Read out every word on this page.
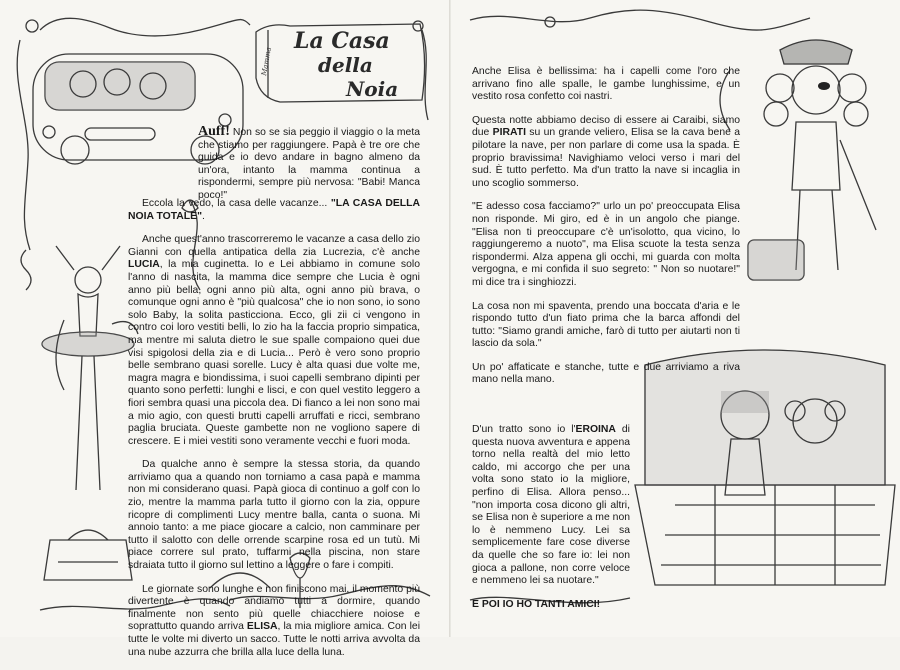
La Casa
della
Noia
Mamma

Auff! Non so se sia peggio il viaggio o la meta che stiamo per raggiungere. Papà è tre ore che guida e io devo andare in bagno almeno da un'ora, intanto la mamma continua a rispondermi, sempre più nervosa: "Babi! Manca poco!"

Eccola la vedo, la casa delle vacanze... "LA CASA DELLA NOIA TOTALE".

Anche quest'anno trascorreremo le vacanze a casa dello zio Gianni con quella antipatica della zia Lucrezia, c'è anche LUCIA, la mia cuginetta. Io e Lei abbiamo in comune solo l'anno di nascita, la mamma dice sempre che Lucia è ogni anno più bella, ogni anno più alta, ogni anno più brava, o comunque ogni anno è "più qualcosa" che io non sono, io sono solo Baby, la solita pasticciona. Ecco, gli zii ci vengono in contro coi loro vestiti belli, lo zio ha la faccia proprio simpatica, ma mentre mi saluta dietro le sue spalle compaiono quei due visi spigolosi della zia e di Lucia... Però è vero sono proprio belle sembrano quasi sorelle. Lucy è alta quasi due volte me, magra magra e biondissima, i suoi capelli sembrano dipinti per quanto sono perfetti: lunghi e lisci, e con quel vestito leggero a fiori sembra quasi una piccola dea. Di fianco a lei non sono mai a mio agio, con questi brutti capelli arruffati e ricci, sembrano paglia bruciata. Queste gambette non ne vogliono sapere di crescere. E i miei vestiti sono veramente vecchi e fuori moda.

Da qualche anno è sempre la stessa storia, da quando arriviamo qua a quando non torniamo a casa papà e mamma non mi considerano quasi. Papà gioca di continuo a golf con lo zio, mentre la mamma parla tutto il giorno con la zia, oppure ricopre di complimenti Lucy mentre balla, canta o suona. Mi annoio tanto: a me piace giocare a calcio, non camminare per tutto il salotto con delle orrende scarpine rosa ed un tutù. Mi piace correre sul prato, tuffarmi nella piscina, non stare sdraiata tutto il giorno sul lettino a leggere o fare i compiti.

Le giornate sono lunghe e non finiscono mai, il momento più divertente è quando andiamo tutti a dormire, quando finalmente non sento più quelle chiacchiere noiose e soprattutto quando arriva ELISA, la mia migliore amica. Con lei tutte le volte mi diverto un sacco. Tutte le notti arriva avvolta da una nube azzurra che brilla alla luce della luna.

Anche Elisa è bellissima: ha i capelli come l'oro che arrivano fino alle spalle, le gambe lunghissime, e un vestito rosa confetto coi nastri.

Questa notte abbiamo deciso di essere ai Caraibi, siamo due PIRATI su un grande veliero, Elisa se la cava bene a pilotare la nave, per non parlare di come usa la spada. È proprio bravissima! Navighiamo veloci verso i mari del sud. È tutto perfetto. Ma d'un tratto la nave si incaglia in uno scoglio sommerso.

"E adesso cosa facciamo?" urlo un po' preoccupata Elisa non risponde. Mi giro, ed è in un angolo che piange. "Elisa non ti preoccupare c'è un'isolotto, qua vicino, lo raggiungeremo a nuoto", ma Elisa scuote la testa senza rispondermi. Alza appena gli occhi, mi guarda con molta vergogna, e mi confida il suo segreto: " Non so nuotare!" mi dice tra i singhiozzi.

La cosa non mi spaventa, prendo una boccata d'aria e le rispondo tutto d'un fiato prima che la barca affondi del tutto: "Siamo grandi amiche, farò di tutto per aiutarti non ti lascio da sola."

Un po' affaticate e stanche, tutte e due arriviamo a riva mano nella mano.

D'un tratto sono io l'EROINA di questa nuova avventura e appena torno nella realtà del mio letto caldo, mi accorgo che per una volta sono stato io la migliore, perfino di Elisa. Allora penso... "non importa cosa dicono gli altri, se Elisa non è superiore a me non lo è nemmeno Lucy. Lei sa semplicemente fare cose diverse da quelle che so fare io: lei non gioca a pallone, non corre veloce e nemmeno lei sa nuotare."

E POI IO HO TANTI AMICI!
